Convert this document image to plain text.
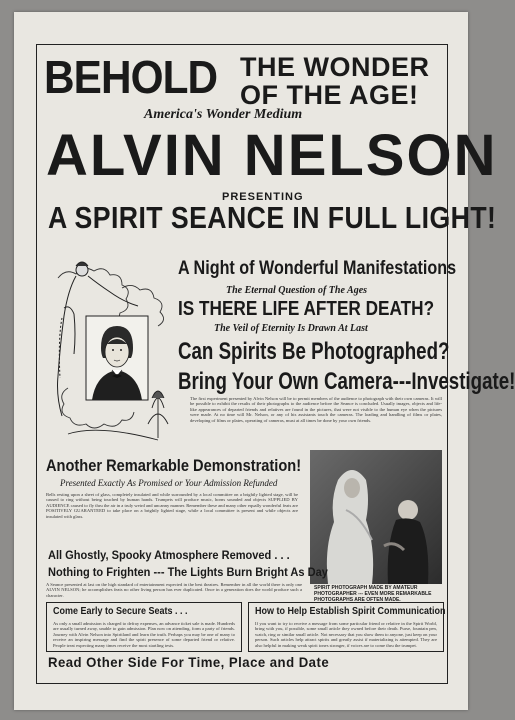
BEHOLD THE WONDER
OF THE AGE!
America's Wonder Medium
ALVIN NELSON
PRESENTING
A SPIRIT SEANCE IN FULL LIGHT!
A Night of Wonderful Manifestations
The Eternal Question of The Ages
IS THERE LIFE AFTER DEATH?
The Veil of Eternity Is Drawn At Last
Can Spirits Be Photographed?
Bring Your Own Camera---Investigate!
The first experiment presented by Alvin Nelson will be to permit members of the audience to photograph with their own cameras. It will be possible to exhibit the results of their photographs to the audience before the Seance is concluded. Usually images, objects and life-like appearances of departed friends and relatives are found in the pictures, that were not visible to the human eye when the pictures were made. At no time will Mr. Nelson, or any of his assistants touch the cameras. The loading and handling of films or plates, developing of films or plates, operating of cameras, must at all times be done by your own friends.
Another Remarkable Demonstration!
Presented Exactly As Promised or Your Admission Refunded
Bells resting upon a sheet of glass, completely insulated and while surrounded by a local committee on a brightly lighted stage, will be caused to ring without being touched by human hands. Trumpets will produce music, horns sounded and objects SUPPLIED BY AUDIENCE caused to fly thru the air in a truly weird and uncanny manner. Remember these and many other equally wonderful feats are POSITIVELY GUARANTEED to take place on a brightly lighted stage, while a local committee is present and while objects are insulated with glass.
SPIRIT PHOTOGRAPH MADE BY AMATEUR PHOTOGRAPHER --- EVEN MORE REMARKABLE PHOTOGRAPHS ARE OFTEN MADE.
All Ghostly, Spooky Atmosphere Removed . . .
Nothing to Frighten --- The Lights Burn Bright As Day
A Seance presented at last on the high standard of entertainment expected in the best theatres. Remember in all the world there is only one ALVIN NELSON; he accomplishes feats no other living person has ever duplicated. Once in a generation does the world produce such a character.
Come Early to Secure Seats . . .
As only a small admission is charged to defray expenses, an advance ticket sale is made. Hundreds are usually turned away, unable to gain admission. Plan now on attending, form a party of friends. Journey with Alvin Nelson into Spiritland and learn the truth. Perhaps you may be one of many to receive an inspiring message and find the spirit presence of some departed friend or relative. People treat expecting many times receive the most startling tests.
How to Help Establish Spirit Communication
If you want to try to receive a message from some particular friend or relative in the Spirit World, bring with you, if possible, some small article they owned before their death. Purse, fountain pen, watch, ring or similar small article. Not necessary that you show them to anyone, just keep on your person. Such articles help attract spirits and greatly assist if materializing is attempted. They are also helpful in making weak spirit tones stronger, if voices are to come thru the trumpet.
Read Other Side For Time, Place and Date
